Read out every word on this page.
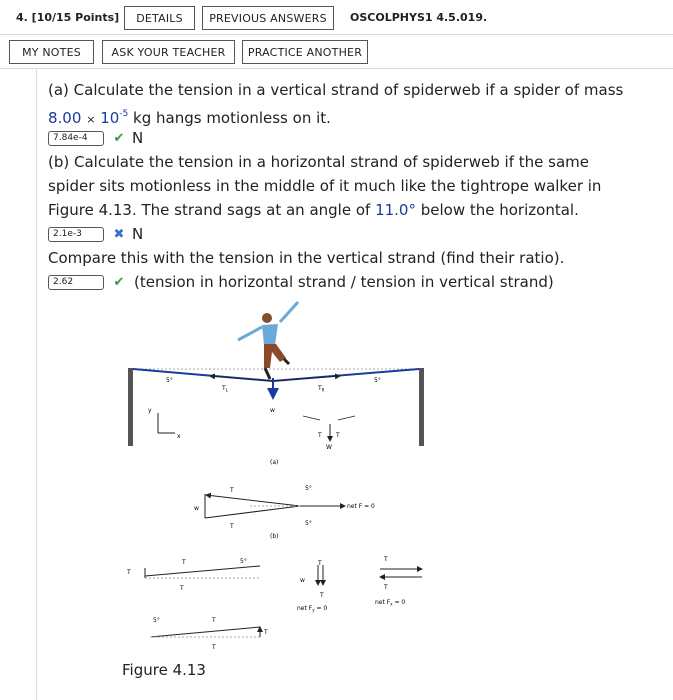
4. [10/15 Points]	DETAILS	PREVIOUS ANSWERS	OSCOLPHYS1 4.5.019.
MY NOTES	ASK YOUR TEACHER	PRACTICE ANOTHER
(a) Calculate the tension in a vertical strand of spiderweb if a spider of mass
$8.00 \times 10^{-5}$ kg hangs motionless on it.
7.84e-4
✔ N
(b) Calculate the tension in a horizontal strand of spiderweb if the same
spider sits motionless in the middle of it much like the tightrope walker in
Figure 4.13. The strand sags at an angle of 11.0° below the horizontal.
2.1e-3
✖ N
Compare this with the tension in the vertical strand (find their ratio).
2.62
✔ (tension in horizontal strand / tension in vertical strand)
5°	5°
$T_L$	$T_R$
w
y
x	T T
W
(a)
w
T
T
5°
5°
net F = 0
(b)
T
T
T
5°
w
T
T
net $F_y = 0$
T
T
net $F_x = 0$
5°	T
T
T
Figure 4.13
